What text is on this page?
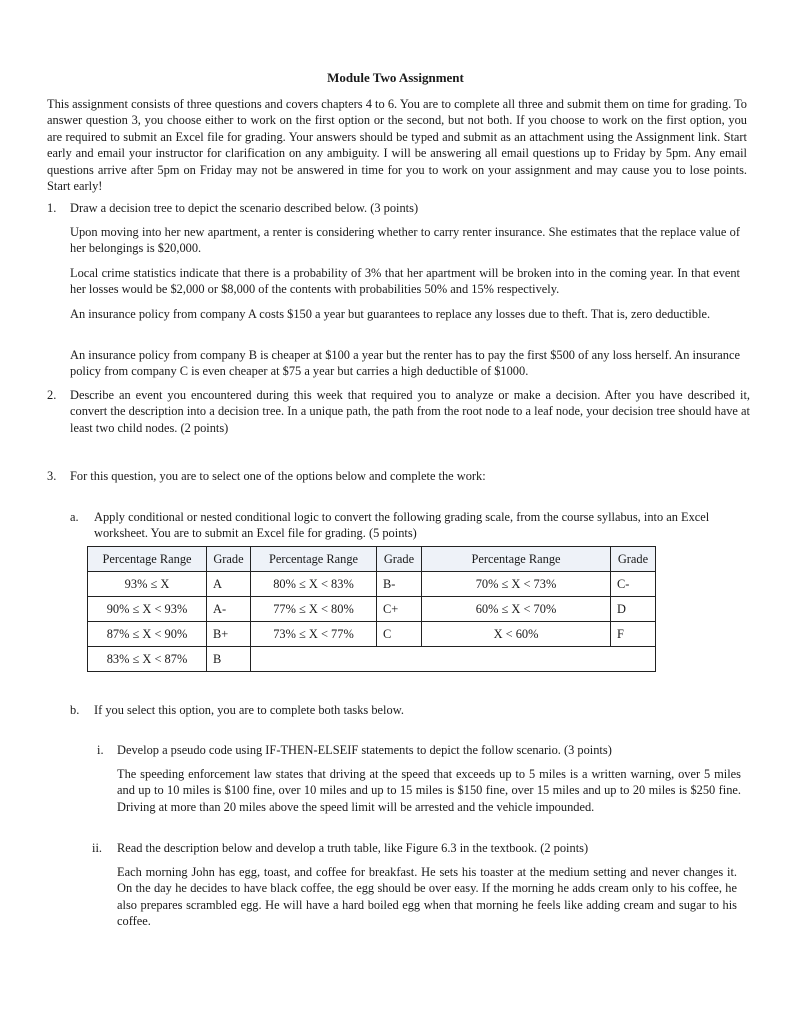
Module Two Assignment
This assignment consists of three questions and covers chapters 4 to 6. You are to complete all three and submit them on time for grading. To answer question 3, you choose either to work on the first option or the second, but not both. If you choose to work on the first option, you are required to submit an Excel file for grading. Your answers should be typed and submit as an attachment using the Assignment link. Start early and email your instructor for clarification on any ambiguity. I will be answering all email questions up to Friday by 5pm. Any email questions arrive after 5pm on Friday may not be answered in time for you to work on your assignment and may cause you to lose points. Start early!
1. Draw a decision tree to depict the scenario described below. (3 points)
Upon moving into her new apartment, a renter is considering whether to carry renter insurance. She estimates that the replace value of her belongings is $20,000.
Local crime statistics indicate that there is a probability of 3% that her apartment will be broken into in the coming year. In that event her losses would be $2,000 or $8,000 of the contents with probabilities 50% and 15% respectively.
An insurance policy from company A costs $150 a year but guarantees to replace any losses due to theft. That is, zero deductible.
An insurance policy from company B is cheaper at $100 a year but the renter has to pay the first $500 of any loss herself. An insurance policy from company C is even cheaper at $75 a year but carries a high deductible of $1000.
2. Describe an event you encountered during this week that required you to analyze or make a decision. After you have described it, convert the description into a decision tree. In a unique path, the path from the root node to a leaf node, your decision tree should have at least two child nodes. (2 points)
3. For this question, you are to select one of the options below and complete the work:
a. Apply conditional or nested conditional logic to convert the following grading scale, from the course syllabus, into an Excel worksheet. You are to submit an Excel file for grading. (5 points)
Percentage Range	Grade	Percentage Range	Grade	Percentage Range	Grade
93% ≤ X	A	80% ≤ X < 83%	B-	70% ≤ X < 73%	C-
90% ≤ X < 93%	A-	77% ≤ X < 80%	C+	60% ≤ X < 70%	D
87% ≤ X < 90%	B+	73% ≤ X < 77%	C	X < 60%	F
83% ≤ X < 87%	B				
b. If you select this option, you are to complete both tasks below.
i. Develop a pseudo code using IF-THEN-ELSEIF statements to depict the follow scenario. (3 points)
The speeding enforcement law states that driving at the speed that exceeds up to 5 miles is a written warning, over 5 miles and up to 10 miles is $100 fine, over 10 miles and up to 15 miles is $150 fine, over 15 miles and up to 20 miles is $250 fine. Driving at more than 20 miles above the speed limit will be arrested and the vehicle impounded.
ii. Read the description below and develop a truth table, like Figure 6.3 in the textbook. (2 points)
Each morning John has egg, toast, and coffee for breakfast. He sets his toaster at the medium setting and never changes it. On the day he decides to have black coffee, the egg should be over easy. If the morning he adds cream only to his coffee, he also prepares scrambled egg. He will have a hard boiled egg when that morning he feels like adding cream and sugar to his coffee.
